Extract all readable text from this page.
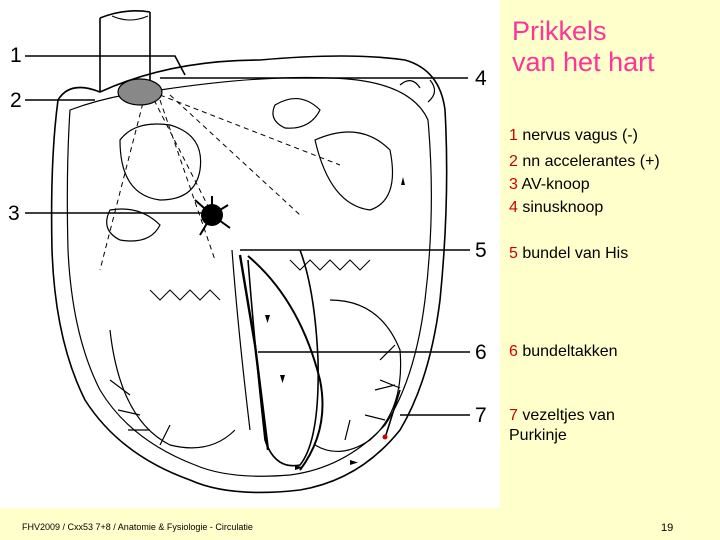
1
2
3
4
5
6
7
Prikkels
van het hart
1 nervus vagus (-)
2 nn accelerantes (+)
3 AV-knoop
4 sinusknoop
5 bundel van His
6 bundeltakken
7 vezeltjes van Purkinje
FHV2009 / Cxx53 7+8 / Anatomie & Fysiologie - Circulatie	19
